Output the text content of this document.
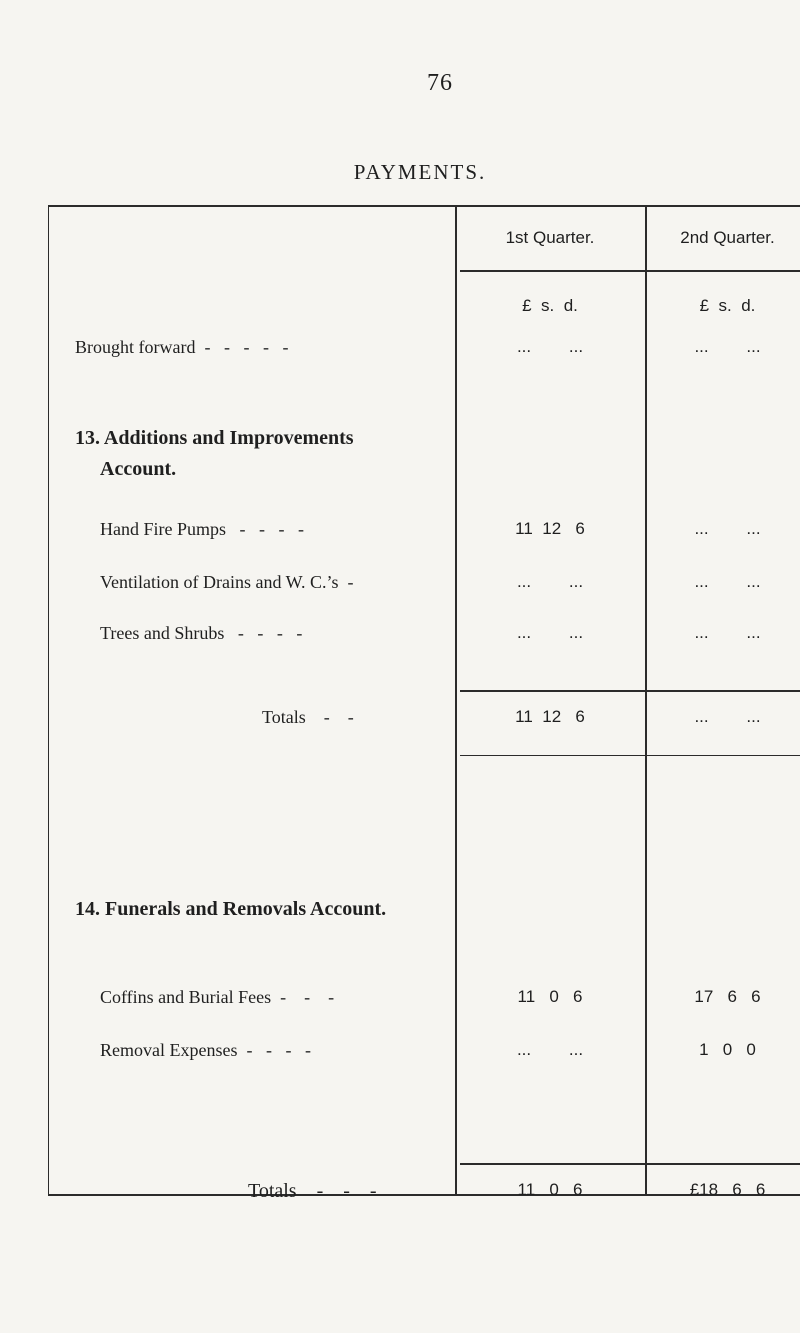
76
PAYMENTS.
1st Quarter.	2nd Quarter.
£  s.  d.	£  s.  d.
Brought forward  -   -   -   -   -	...        ...	...        ...
13. Additions and Improvements
Account.
Hand Fire Pumps   -   -   -   -	11  12   6	...        ...
Ventilation of Drains and W. C.’s  -	...        ...	...        ...
Trees and Shrubs   -   -   -   -	...        ...	...        ...
Totals    -    -	11  12   6	...        ...
14. Funerals and Removals Account.
Coffins and Burial Fees  -    -    -	11   0   6	17   6   6
Removal Expenses  -   -   -   -	...        ...	1   0   0
Totals    -    -    -	11   0   6	£18   6   6
